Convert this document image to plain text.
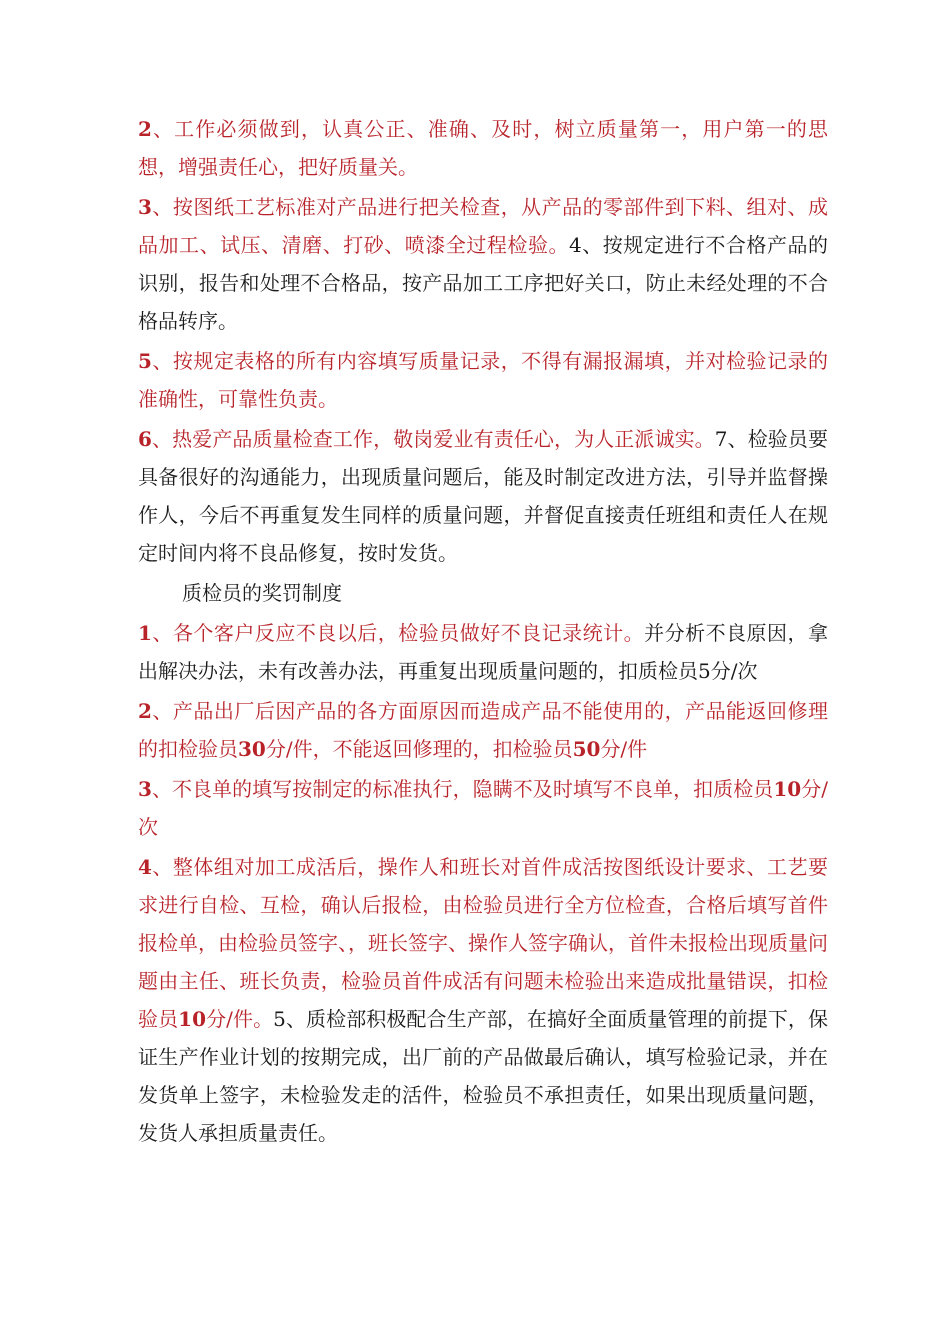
2、工作必须做到，认真公正、准确、及时，树立质量第一，用户第一的思想，增强责任心，把好质量关。

3、按图纸工艺标准对产品进行把关检查，从产品的零部件到下料、组对、成品加工、试压、清磨、打砂、喷漆全过程检验。4、按规定进行不合格产品的识别，报告和处理不合格品，按产品加工工序把好关口，防止未经处理的不合格品转序。

5、按规定表格的所有内容填写质量记录，不得有漏报漏填，并对检验记录的准确性，可靠性负责。

6、热爱产品质量检查工作，敬岗爱业有责任心，为人正派诚实。7、检验员要具备很好的沟通能力，出现质量问题后，能及时制定改进方法，引导并监督操作人，今后不再重复发生同样的质量问题，并督促直接责任班组和责任人在规定时间内将不良品修复，按时发货。

质检员的奖罚制度

1、各个客户反应不良以后，检验员做好不良记录统计。并分析不良原因，拿出解决办法，未有改善办法，再重复出现质量问题的，扣质检员5分/次

2、产品出厂后因产品的各方面原因而造成产品不能使用的，产品能返回修理的扣检验员30分/件，不能返回修理的，扣检验员50分/件

3、不良单的填写按制定的标准执行，隐瞒不及时填写不良单，扣质检员10分/次

4、整体组对加工成活后，操作人和班长对首件成活按图纸设计要求、工艺要求进行自检、互检，确认后报检，由检验员进行全方位检查，合格后填写首件报检单，由检验员签字、，班长签字、操作人签字确认，首件未报检出现质量问题由主任、班长负责，检验员首件成活有问题未检验出来造成批量错误，扣检验员10分/件。5、质检部积极配合生产部，在搞好全面质量管理的前提下，保证生产作业计划的按期完成，出厂前的产品做最后确认，填写检验记录，并在发货单上签字，未检验发走的活件，检验员不承担责任，如果出现质量问题，发货人承担质量责任。
